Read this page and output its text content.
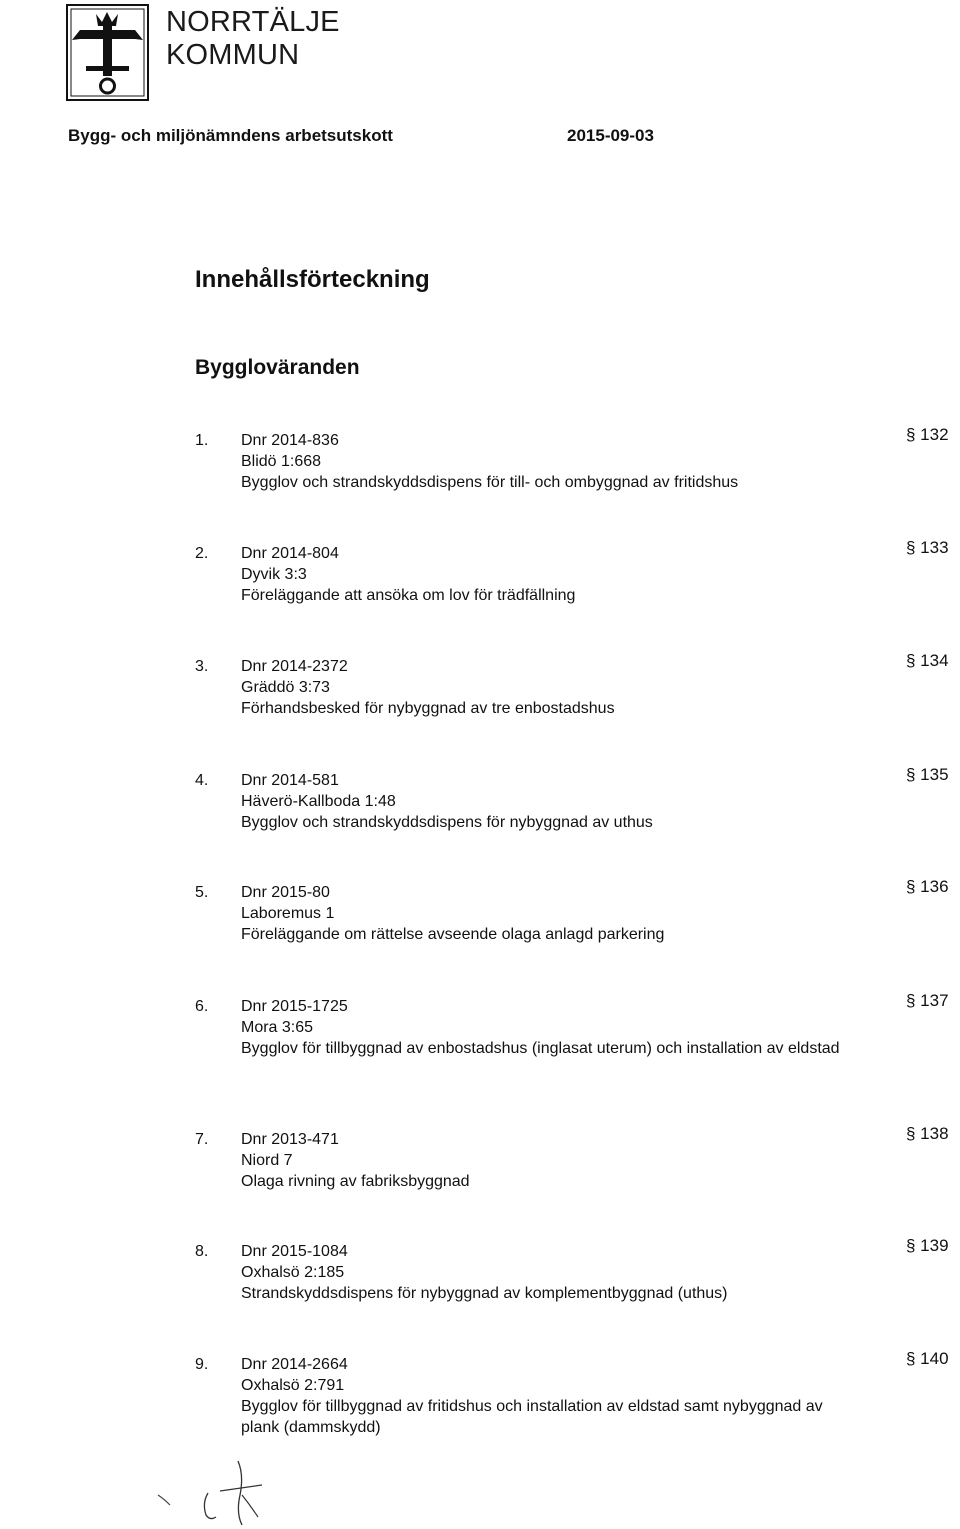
NORRTÄLJE
KOMMUN
Bygg- och miljönämndens arbetsutskott	2015-09-03
Innehållsförteckning
Byggloväranden
1. Dnr 2014-836
Blidö 1:668
Bygglov och strandskyddsdispens för till- och ombyggnad av fritidshus
§ 132
2. Dnr 2014-804
Dyvik 3:3
Föreläggande att ansöka om lov för trädfällning
§ 133
3. Dnr 2014-2372
Gräddö 3:73
Förhandsbesked för nybyggnad av tre enbostadshus
§ 134
4. Dnr 2014-581
Häverö-Kallboda 1:48
Bygglov och strandskyddsdispens för nybyggnad av uthus
§ 135
5. Dnr 2015-80
Laboremus 1
Föreläggande om rättelse avseende olaga anlagd parkering
§ 136
6. Dnr 2015-1725
Mora 3:65
Bygglov för tillbyggnad av enbostadshus (inglasat uterum) och installation av eldstad
§ 137
7. Dnr 2013-471
Niord 7
Olaga rivning av fabriksbyggnad
§ 138
8. Dnr 2015-1084
Oxhalsö 2:185
Strandskyddsdispens för nybyggnad av komplementbyggnad (uthus)
§ 139
9. Dnr 2014-2664
Oxhalsö 2:791
Bygglov för tillbyggnad av fritidshus och installation av eldstad samt nybyggnad av plank (dammskydd)
§ 140
